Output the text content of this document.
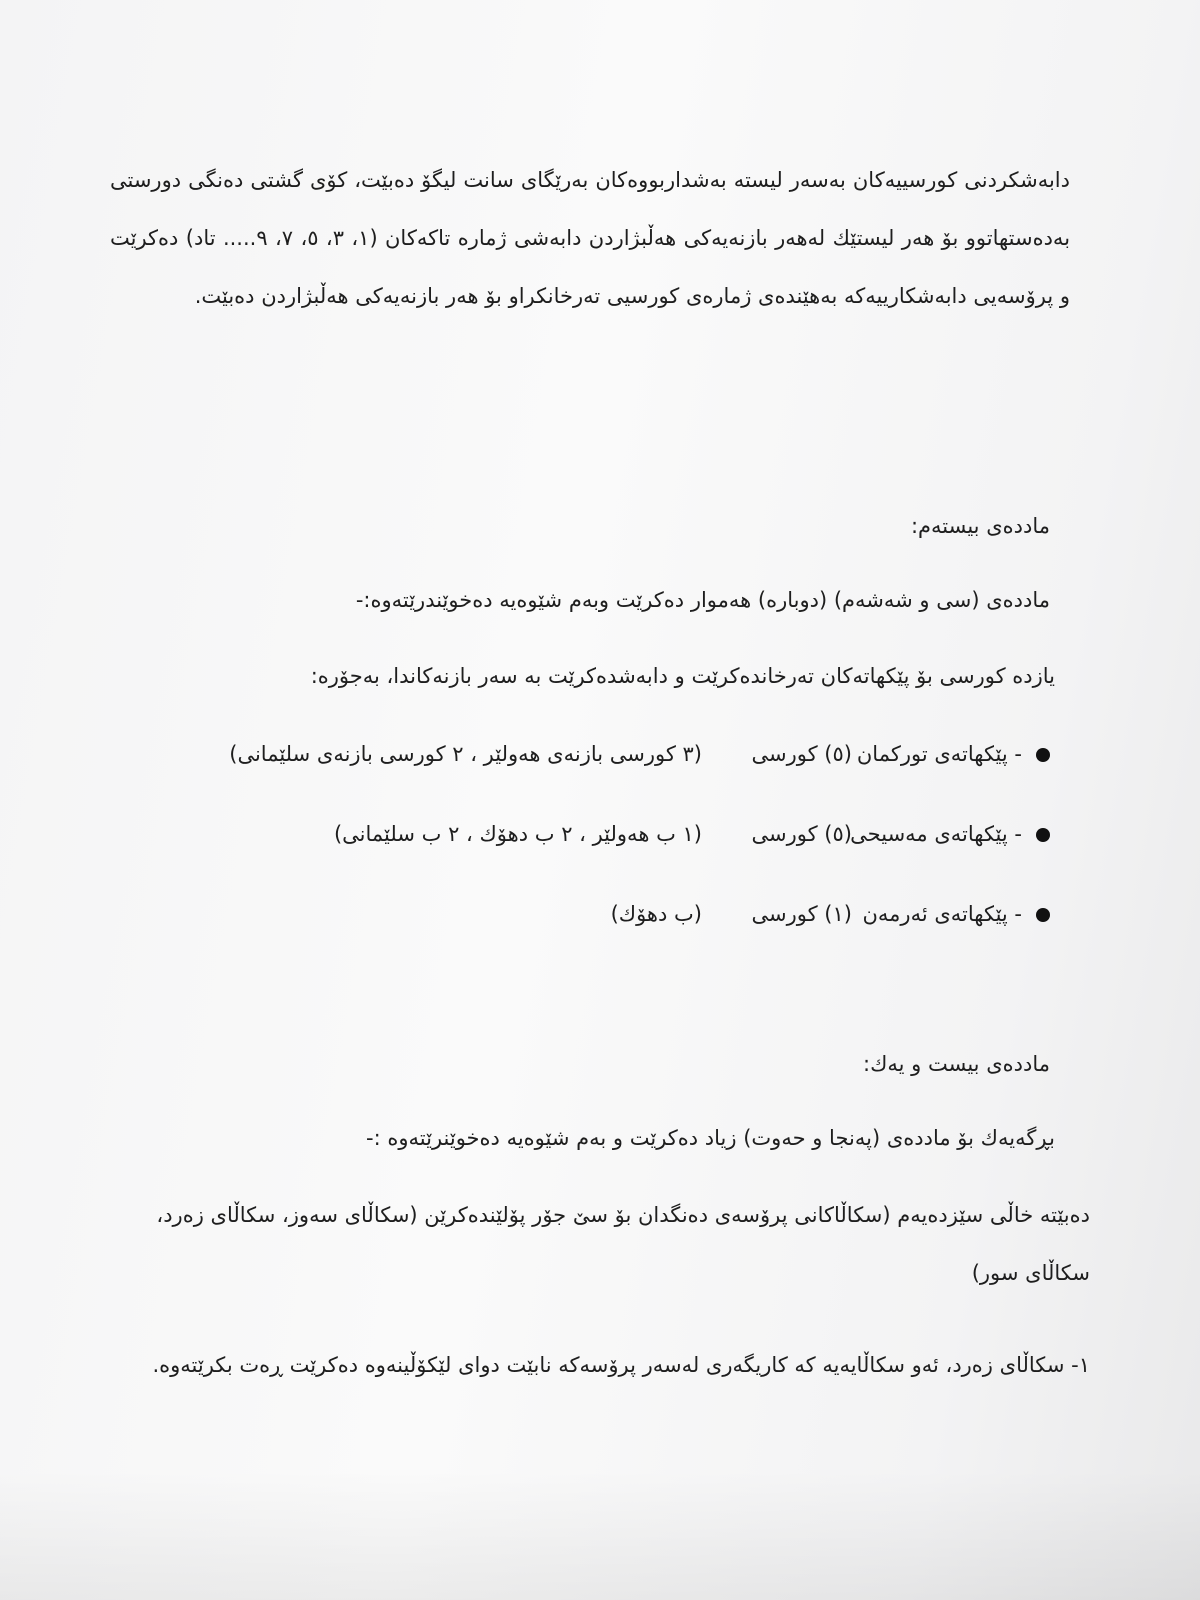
دابەشکردنی کورسییەکان بەسەر لیستە بەشداربووەکان بەرێگای سانت لیگۆ دەبێت، کۆی گشتی دەنگی دورستی بەدەستهاتوو بۆ هەر لیستێك لەهەر بازنەیەکی هەڵبژاردن دابەشی ژمارە تاکەکان (١، ٣، ٥، ٧، ٩..... تاد) دەکرێت و پرۆسەیی دابەشکارییەکە بەهێندەی ژمارەی کورسیی تەرخانکراو بۆ هەر بازنەیەکی هەڵبژاردن دەبێت.

ماددەی بیستەم:
ماددەی (سی و شەشەم) (دوبارە) هەموار دەکرێت وبەم شێوەیە دەخوێندرێتەوە:-
یازدە کورسی بۆ پێکهاتەکان تەرخاندەکرێت و دابەشدەکرێت بە سەر بازنەکاندا، بەجۆرە:
- پێکهاتەی تورکمان(٥) کورسی(٣ کورسی بازنەی هەولێر ، ٢ کورسی بازنەی سلێمانی)
- پێکهاتەی مەسیحی(٥) کورسی(١ ب هەولێر ، ٢ ب دهۆك ، ٢ ب سلێمانی)
- پێکهاتەی ئەرمەن(١) کورسی(ب دهۆك)
ماددەی بیست و یەك:
بڕگەیەك بۆ ماددەی (پەنجا و حەوت) زیاد دەکرێت و بەم شێوەیە دەخوێنرێتەوە :-

دەبێتە خاڵی سێزدەیەم (سکاڵاکانی پرۆسەی دەنگدان بۆ سێ جۆر پۆلێندەکرێن (سکاڵای سەوز، سکاڵای زەرد، سکاڵای سور)

١- سکاڵای زەرد، ئەو سکاڵایەیە کە کاریگەری لەسەر پرۆسەکە نابێت دوای لێکۆڵینەوە دەکرێت ڕەت بکرێتەوە.
